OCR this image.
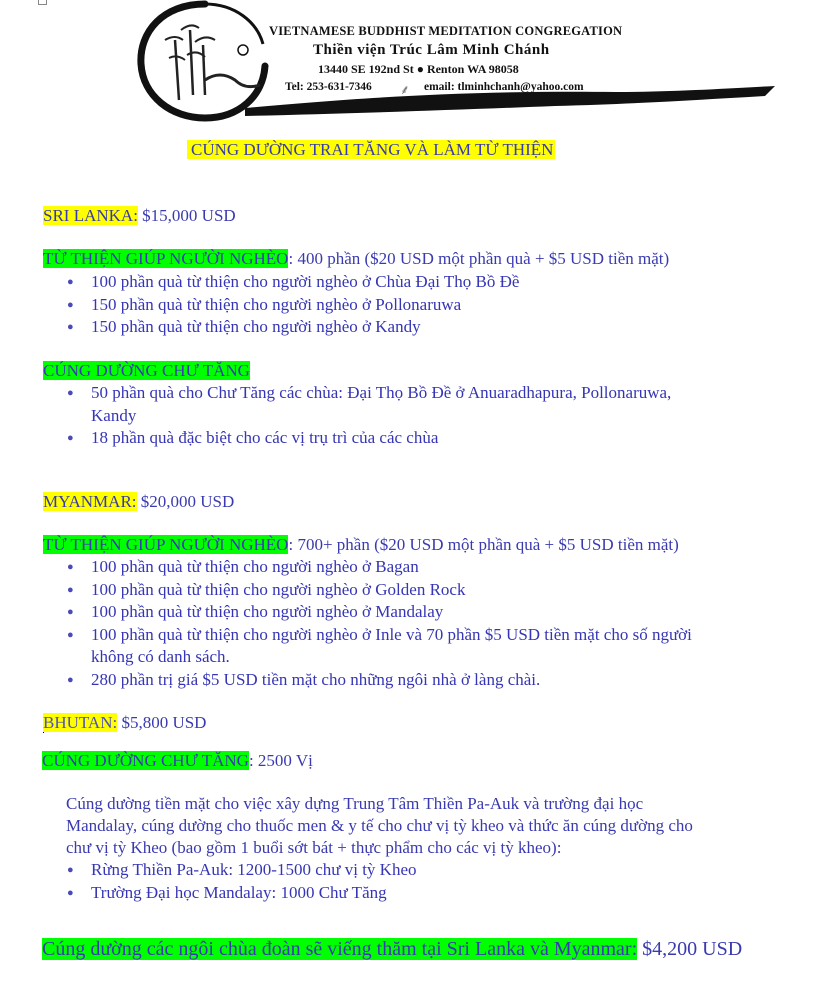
VIETNAMESE BUDDHIST MEDITATION CONGREGATION
Thiền viện Trúc Lâm Minh Chánh
13440 SE 192nd St ● Renton WA 98058
Tel: 253-631-7346 ⸙ email: tlminhchanh@yahoo.com
CÚNG DƯỜNG TRAI TĂNG VÀ LÀM TỪ THIỆN
SRI LANKA: $15,000 USD
TỪ THIỆN GIÚP NGƯỜI NGHÈO: 400 phần ($20 USD một phần quà + $5 USD tiền mặt)
● 100 phần quà từ thiện cho người nghèo ở Chùa Đại Thọ Bồ Đề
● 150 phần quà từ thiện cho người nghèo ở Pollonaruwa
● 150 phần quà từ thiện cho người nghèo ở Kandy
CÚNG DƯỜNG CHƯ TĂNG
● 50 phần quà cho Chư Tăng các chùa: Đại Thọ Bồ Đề ở Anuaradhapura, Pollonaruwa,
Kandy
● 18 phần quà đặc biệt cho các vị trụ trì của các chùa
MYANMAR: $20,000 USD
TỪ THIỆN GIÚP NGƯỜI NGHÈO: 700+ phần ($20 USD một phần quà + $5 USD tiền mặt)
● 100 phần quà từ thiện cho người nghèo ở Bagan
● 100 phần quà từ thiện cho người nghèo ở Golden Rock
● 100 phần quà từ thiện cho người nghèo ở Mandalay
● 100 phần quà từ thiện cho người nghèo ở Inle và 70 phần $5 USD tiền mặt cho số người
không có danh sách.
● 280 phần trị giá $5 USD tiền mặt cho những ngôi nhà ở làng chài.
BHUTAN: $5,800 USD
CÚNG DƯỜNG CHƯ TĂNG: 2500 Vị
Cúng dường tiền mặt cho việc xây dựng Trung Tâm Thiền Pa-Auk và trường đại học
Mandalay, cúng dường cho thuốc men & y tế cho chư vị tỳ kheo và thức ăn cúng dường cho
chư vị tỳ Kheo (bao gồm 1 buổi sớt bát + thực phẩm cho các vị tỳ kheo):
● Rừng Thiền Pa-Auk: 1200-1500 chư vị tỳ Kheo
● Trường Đại học Mandalay: 1000 Chư Tăng
Cúng dường các ngôi chùa đoàn sẽ viếng thăm tại Sri Lanka và Myanmar: $4,200 USD
